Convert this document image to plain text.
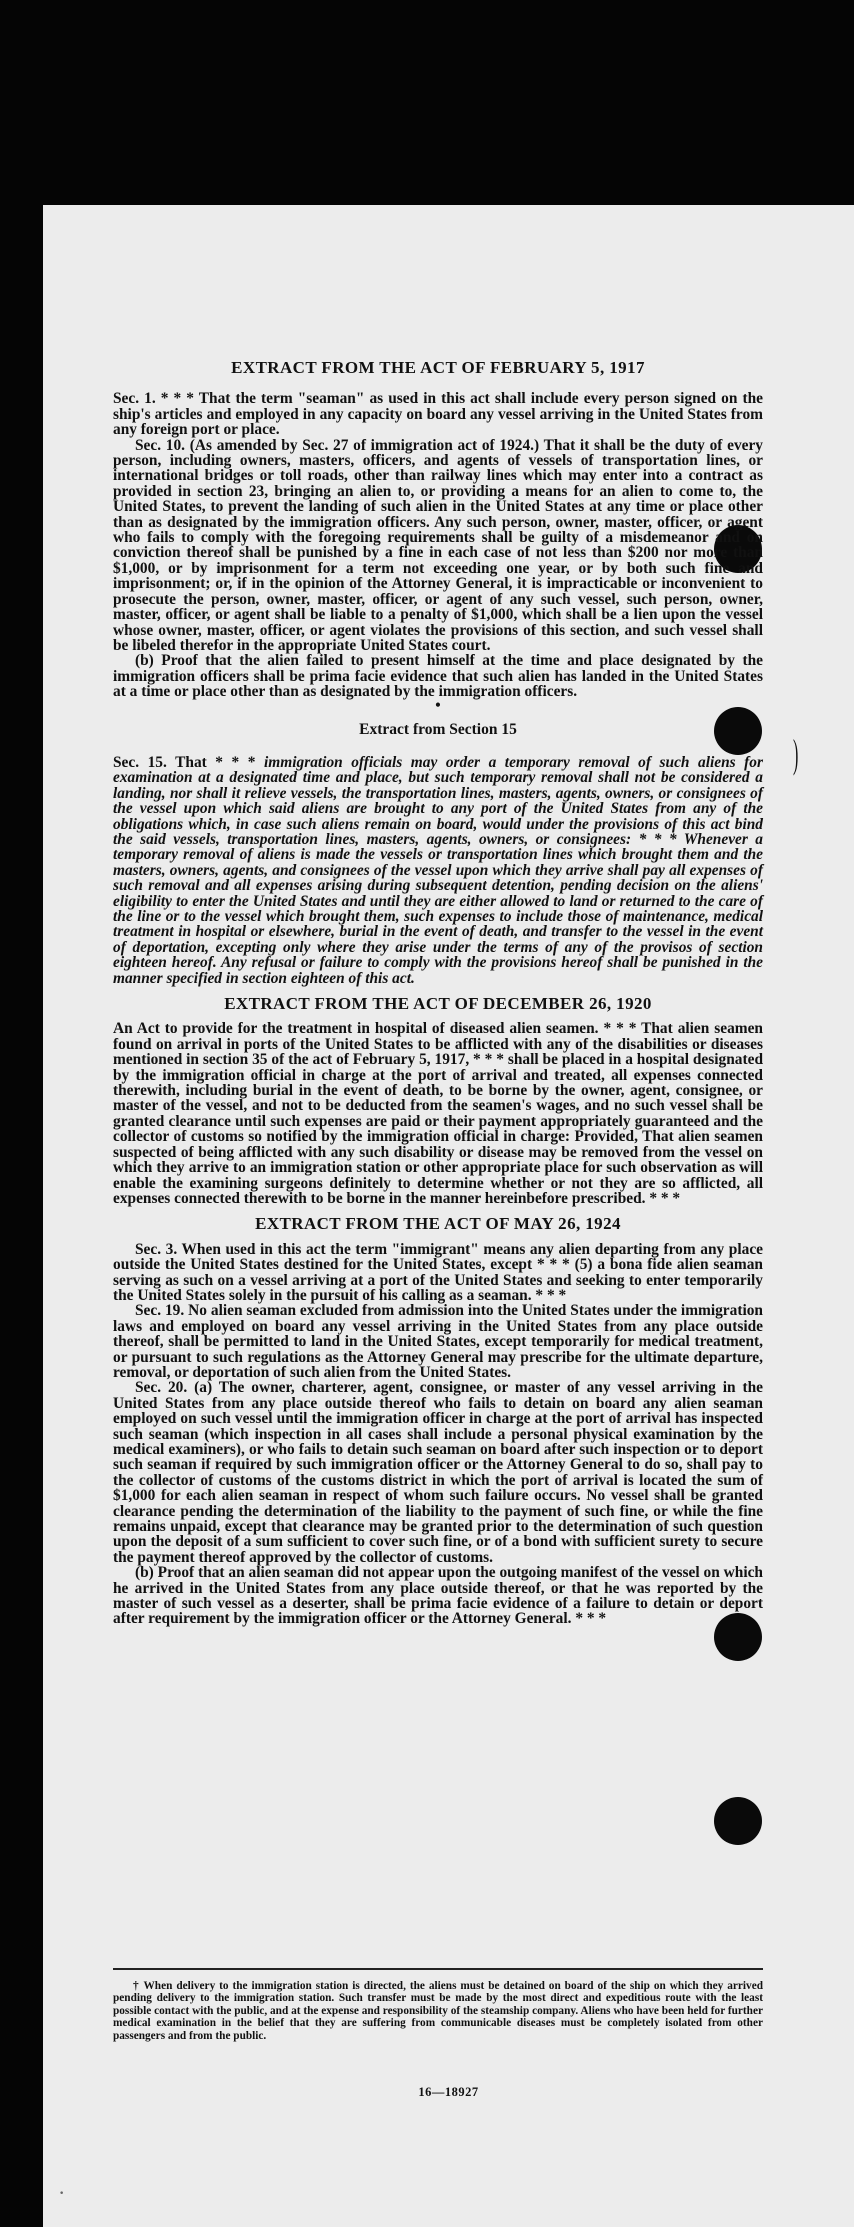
)
·
EXTRACT FROM THE ACT OF FEBRUARY 5, 1917

Sec. 1. * * * That the term "seaman" as used in this act shall include every person signed on the ship's articles and employed in any capacity on board any vessel arriving in the United States from any foreign port or place.

Sec. 10. (As amended by Sec. 27 of immigration act of 1924.) That it shall be the duty of every person, including owners, masters, officers, and agents of vessels of transportation lines, or international bridges or toll roads, other than railway lines which may enter into a contract as provided in section 23, bringing an alien to, or providing a means for an alien to come to, the United States, to prevent the landing of such alien in the United States at any time or place other than as designated by the immigration officers. Any such person, owner, master, officer, or agent who fails to comply with the foregoing requirements shall be guilty of a misdemeanor and on conviction thereof shall be punished by a fine in each case of not less than $200 nor more than $1,000, or by imprisonment for a term not exceeding one year, or by both such fine and imprisonment; or, if in the opinion of the Attorney General, it is impracticable or inconvenient to prosecute the person, owner, master, officer, or agent of any such vessel, such person, owner, master, officer, or agent shall be liable to a penalty of $1,000, which shall be a lien upon the vessel whose owner, master, officer, or agent violates the provisions of this section, and such vessel shall be libeled therefor in the appropriate United States court.

(b) Proof that the alien failed to present himself at the time and place designated by the immigration officers shall be prima facie evidence that such alien has landed in the United States at a time or place other than as designated by the immigration officers.

•
Extract from Section 15

Sec. 15. That * * * immigration officials may order a temporary removal of such aliens for examination at a designated time and place, but such temporary removal shall not be considered a landing, nor shall it relieve vessels, the transportation lines, masters, agents, owners, or consignees of the vessel upon which said aliens are brought to any port of the United States from any of the obligations which, in case such aliens remain on board, would under the provisions of this act bind the said vessels, transportation lines, masters, agents, owners, or consignees: * * * Whenever a temporary removal of aliens is made the vessels or transportation lines which brought them and the masters, owners, agents, and consignees of the vessel upon which they arrive shall pay all expenses of such removal and all expenses arising during subsequent detention, pending decision on the aliens' eligibility to enter the United States and until they are either allowed to land or returned to the care of the line or to the vessel which brought them, such expenses to include those of maintenance, medical treatment in hospital or elsewhere, burial in the event of death, and transfer to the vessel in the event of deportation, excepting only where they arise under the terms of any of the provisos of section eighteen hereof. Any refusal or failure to comply with the provisions hereof shall be punished in the manner specified in section eighteen of this act.

EXTRACT FROM THE ACT OF DECEMBER 26, 1920

An Act to provide for the treatment in hospital of diseased alien seamen. * * * That alien seamen found on arrival in ports of the United States to be afflicted with any of the disabilities or diseases mentioned in section 35 of the act of February 5, 1917, * * * shall be placed in a hospital designated by the immigration official in charge at the port of arrival and treated, all expenses connected therewith, including burial in the event of death, to be borne by the owner, agent, consignee, or master of the vessel, and not to be deducted from the seamen's wages, and no such vessel shall be granted clearance until such expenses are paid or their payment appropriately guaranteed and the collector of customs so notified by the immigration official in charge: Provided, That alien seamen suspected of being afflicted with any such disability or disease may be removed from the vessel on which they arrive to an immigration station or other appropriate place for such observation as will enable the examining surgeons definitely to determine whether or not they are so afflicted, all expenses connected therewith to be borne in the manner hereinbefore prescribed. * * *

EXTRACT FROM THE ACT OF MAY 26, 1924

Sec. 3. When used in this act the term "immigrant" means any alien departing from any place outside the United States destined for the United States, except * * * (5) a bona fide alien seaman serving as such on a vessel arriving at a port of the United States and seeking to enter temporarily the United States solely in the pursuit of his calling as a seaman. * * *

Sec. 19. No alien seaman excluded from admission into the United States under the immigration laws and employed on board any vessel arriving in the United States from any place outside thereof, shall be permitted to land in the United States, except temporarily for medical treatment, or pursuant to such regulations as the Attorney General may prescribe for the ultimate departure, removal, or deportation of such alien from the United States.

Sec. 20. (a) The owner, charterer, agent, consignee, or master of any vessel arriving in the United States from any place outside thereof who fails to detain on board any alien seaman employed on such vessel until the immigration officer in charge at the port of arrival has inspected such seaman (which inspection in all cases shall include a personal physical examination by the medical examiners), or who fails to detain such seaman on board after such inspection or to deport such seaman if required by such immigration officer or the Attorney General to do so, shall pay to the collector of customs of the customs district in which the port of arrival is located the sum of $1,000 for each alien seaman in respect of whom such failure occurs. No vessel shall be granted clearance pending the determination of the liability to the payment of such fine, or while the fine remains unpaid, except that clearance may be granted prior to the determination of such question upon the deposit of a sum sufficient to cover such fine, or of a bond with sufficient surety to secure the payment thereof approved by the collector of customs.

(b) Proof that an alien seaman did not appear upon the outgoing manifest of the vessel on which he arrived in the United States from any place outside thereof, or that he was reported by the master of such vessel as a deserter, shall be prima facie evidence of a failure to detain or deport after requirement by the immigration officer or the Attorney General. * * *

† When delivery to the immigration station is directed, the aliens must be detained on board of the ship on which they arrived pending delivery to the immigration station. Such transfer must be made by the most direct and expeditious route with the least possible contact with the public, and at the expense and responsibility of the steamship company. Aliens who have been held for further medical examination in the belief that they are suffering from communicable diseases must be completely isolated from other passengers and from the public.
16—18927
